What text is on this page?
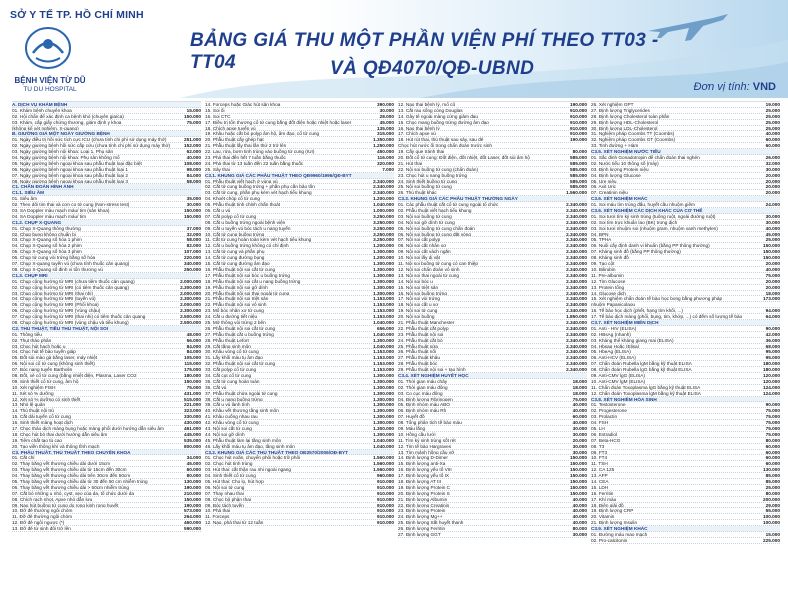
SỞ Y TẾ TP. HỒ CHÍ MINH
BỆNH VIỆN TỪ DŨ
TU DU HOSPITAL
BẢNG GIÁ THU MỘT PHẦN VIỆN PHÍ THEO TT03 - TT04	VÀ QĐ4070/QĐ-UBND
Đơn vị tính: VND
A. DỊCH VỤ KHÁM BỆNH
01. Khám bệnh chuyên khoa	15.000
02. Hội chẩn để xác định ca bệnh khó (chuyên gia/ca)	150.000
03. Khám, cấp giấy chứng thương, giám định y khoa	75.000
(không kể xét nghiệm, X-quang)
B. GIƯỜNG GIÁ MỘT NGÀY GIƯỜNG BỆNH
01. Ngày điều trị hồi sức tích cực ICU (chưa tính chi phí sử dụng máy thở)	251.000
02. Ngày giường bệnh hồi sức cấp cứu (chưa tính chi phí sử dụng máy thở)	152.000
03. Ngày giường bệnh nội khoa: Loại 1, Phụ sản	62.000
04. Ngày giường bệnh nội khoa: Phụ sản không mổ	40.000
05. Ngày giường bệnh ngoại khoa sau phẫu thuật loại đặc biệt	108.000
06. Ngày giường bệnh ngoại khoa sau phẫu thuật loại 1	98.000
07. Ngày giường bệnh ngoại khoa sau phẫu thuật loại 2	84.000
08. Ngày giường bệnh ngoại khoa sau phẫu thuật loại 3	58.000
C1. CHẨN ĐOÁN HÌNH ẢNH
C1.1. SIÊU ÂM
01. Siêu âm	35.000
02. Theo dõi tim thai và cơn co tử cung (Non-stress test)	30.000
03. SA Doppler màu mạch máu/ tim (sản khoa)	150.000
04. SA Doppler màu mạch máu/ tim	150.000
C1.2. CHỤP X-QUANG
01. Chụp X-Quang thông thường	37.000
02. Chụp bụng không chuẩn bị	32.000
03. Chụp X-Quang số hóa 1 phim	58.000
04. Chụp X-Quang số hóa 2 phim	82.000
05. Chụp X-Quang số hóa 3 phim	107.000
06. Chụp tử cung vòi trứng bằng số hóa	220.000
07. Chụp X-quang tuyến vú (chưa tính thuốc cản quang)	340.000
08. Chụp X-Quang số đinh vi tổn thương vú	250.000
C1.3. CHỤP MRI
01. Chụp cộng hưởng từ MRI (chưa tiêm thuốc cản quang)	2.000.000
02. Chụp cộng hưởng từ MRI (có tiêm thuốc cản quang)	2.300.000
03. Chụp cộng hưởng từ MRI (thai nhi)	2.000.000
04. Chụp cộng hưởng từ MRI (tuyến vú)	2.300.000
05. Chụp cộng hưởng từ MRI (Phổi khoa)	2.000.000
06. Chụp cộng hưởng từ MRI (Vùng chậu)	2.300.000
07. Chụp cộng hưởng từ MRI (thai nhi) có tiêm thuốc cản quang	2.500.000
08. Chụp cộng hưởng từ MRI (vùng chậu và tiểu khung)	2.500.000
C2. THỦ THUẬT, TIỂU THỦ THUẬT, NỘI SOI
01. Thông tiểu	48.000
02. Thụt tháo phân	56.000
03. Chọc hút hạch hoặc u	84.000
04. Chọc hút tế bào tuyến giáp	84.000
05. Đốt sùi mào gà bằng laser, máy nhiệt	105.000
06. Nội soi cổ tử cung (không sinh thiết)	115.000
07. Bóc nang tuyến Bartholin	175.000
08. Đốt, xẻ cổ tử cung (bằng nhiệt điện, Plasma, Laser CO2	180.000
09. Sinh thiết cổ tử cung, âm hộ	150.000
10. Xét nghiệm FISH	75.000
11. Xét sỏ % dưỡng	431.000
12. Xét sỏ % dưỡng có sinh thiết	515.000
13. Nhỏ lệ quản	221.000
14. Thủ thuật nội trú	323.000
15. Cắt dải tuyến cổ tử cung	330.000
16. Sinh thiết màng hoạt dịch	430.000
17. Chọc tháo dịch màng bụng hoặc màng phổi dưới hướng dẫn siêu âm	461.000
18. Chọc hút bỏ thai dưới hướng dẫn siêu âm	445.000
19. Tiêm chất tạo tủ cao	535.000
20. Tạo viền thông khí và thông tĩnh mạch	800.000
C3. PHẪU THUẬT, THỦ THUẬT THEO CHUYÊN KHOA
01. Cắt chỉ	34.000
02. Thay băng vết thương chiều dài dưới 15cm	45.000
03. Thay băng vết thương chiều dài từ 15cm đến 30cm	60.000
04. Thay băng vết thương chiều dài trên 30cm đến 50cm	80.000
05. Thay băng vết thương chiều dài từ 30 đến 50 cm nhiễm trùng	130.000
06. Thay băng vết thương chiều dài > 50cm nhiễm trùng	190.000
07. Cắt bỏ những u nhỏ, cyst, sẹo của da, tổ chức dưới da	210.000
08. Chích rạch nhọt, Apxe nhỏ dẫn lưu	150.000
09. Nạo hút buồng tử cung do rong kinh rong huyết	190.000
10. Đỡ đẻ thường ngôi chỏm	573.000
11. Đỡ đẻ thường ngôi chỏm	264.000
12. Đỡ đẻ ngôi ngược (*)	460.000
13. Đỡ đẻ từ sinh đôi trở lên	590.000
14. Forceps hoặc Giác hút sản khoa	390.000
15. Soi ối	30.000
16. Soi CTC	28.000
17. Điều trị tổn thương cổ tử cung bằng đốt điện hoặc nhiệt hoặc laser	45.000
18. Chích apxe tuyến vú	135.000
19. Khâu hoặc cắt bỏ polyp âm hộ, âm đạo, cổ tử cung	315.000
20. Phẫu thuật cấy ghép hạt	1.350.000
21. Phẫu thuật lấy thai lần thứ 2 trở lên	1.250.000
22. Lau, rửa, bơm tinh trùng vào buồng tử cung (IUI)	450.000
23. Phá thai đến hết 7 tuần bằng thuốc	116.000
24. Phá thai từ 13 tuần đến 22 tuần bằng thuốc	320.000
25. Sảy thai	7.000
C3.1. KHUNG GIÁ CÁC PHẪU THUẬT THEO QĐ9960/1996/QĐ-BYT
01. Phẫu thuật viết hạch ở vùng vú	2.340.000
02. Cắt tử cung buồng trứng + phần phụ cần bảo tồn	2.340.000
03. Cắt tử cung, phần phụ kèm vét hạch tiểu khung	2.340.000
04. Khoét chóp cổ tử cung	1.200.000
05. Phẫu thuật tinh chỉnh chấn thoát	1.040.000
06. Cắt u vú	1.000.000
07. Cắt polyp cổ tử cung	3.250.000
08. Cắt u buồng trứng ngoài bệnh viện	3.250.000
09. Cắt u tuyến vú bóc tách u nang tuyến	3.250.000
10. Cắt tử cung buồng trứng	3.250.000
11. Cắt tử cung hoàn toàn kèm vét hạch tiểu khung	3.250.000
12. Cắt u buồng trứng không có chỉ định	1.200.000
13. Cắt tử cung và phần phụ	1.300.000
14. Cắt tử cung đường bụng	1.200.000
15. Cắt tử cung đường âm đạo	1.300.000
16. Phẫu thuật nội soi cắt tử cung	1.300.000
17. Phẫu thuật nội soi bóc u buồng trứng	1.300.000
18. Phẫu thuật nội soi cắt u nang buồng trứng	1.300.000
19. Phẫu thuật nội soi gỡ dính	1.300.000
20. Phẫu thuật nội soi thai ngoài tử cung	1.300.000
21. Phẫu thuật nội soi triệt sản	1.153.000
22. Phẫu thuật nội soi vô sinh	1.153.000
23. Mổ bóc nhân xơ tử cung	1.153.000
24. Cắt u đường tiết niệu	1.153.000
25. Mở thông vòi trứng 2 bên	1.040.000
26. Phẫu thuật nội soi cắt tử cung	656.000
27. Phẫu thuật cắt u buồng trứng	1.040.000
28. Phẫu thuật Lefort	1.300.000
29. Cắt tầng sinh môn	1.040.000
30. Khâu vòng cổ tử cung	1.153.000
31. Lấy khối máu tụ âm đạo	1.153.000
32. Phẫu thuật nội soi cắt tử cung	1.153.000
33. Cắt polyp cổ tử cung	1.153.000
34. Cắt cụt cổ tử cung	1.300.000
35. Cắt tử cung hoàn toàn	1.300.000
36. Cắt vú	1.300.000
37. Phẫu thuật chửa ngoài tử cung	1.300.000
38. Cắt u nang buồng trứng	1.300.000
39. Cắt u vú lành tính	1.300.000
40. Khâu vết thương tầng sinh môn	1.300.000
41. Khâu cuống nhau rau	1.300.000
42. Khâu vòng cổ tử cung	1.300.000
43. Nội soi cắt tử cung	1.300.000
44. Nội soi gỡ dính	1.300.000
45. Phẫu thuật làm lại tầng sinh môn	1.040.000
46. Lấy khối máu tụ âm đạo, tầng sinh môn	1.040.000
C3.2. KHUNG GIÁ CÁC THỦ THUẬT THEO QĐ2570/2006/QĐ-BYT
01. Chọc hút noãn, chuyển phôi hoặc trữ phôi	1.560.000
02. Chọc hút tinh trùng	1.560.000
03. Hút thai: cắt thận rau nhi ngoài ngang	1.560.000
04. Sinh thiết cổ tử cung	960.000
05. Hút thai: Cho lọ, hút hợp	910.000
06. Nội soi tử cung	910.000
07. Thay nhau thai	910.000
08. Chọc bộ phận thai	910.000
09. Bóc tách tuyến	910.000
10. Phá thai	910.000
11. Forceps	910.000
12. Nạo, phá thai từ 12 tuần	910.000
12. Nạo thai bệnh lý, mổ cũ	190.000
13. Cắt rau sống còng Douglas	910.000
14. Gây tê ngoài màng cứng giảm đau	910.000
15. Chọc mang buồng trứng đường âm đạo	910.000
16. Nạo thai bệnh lý	910.000
17. Chích apxe vú	910.000
18. Hút rút thai, thủ thuật sau sảy, sau đẻ	190.000
Chọc hút nước ối trong chẩn đoán trước sinh
19. Cấy que tránh thai	80.000
20. Đốt cổ tử cung: Đốt điện, đốt nhiệt, đốt Laser, đốt sùi âm hộ	585.000
21. Hút thai	585.000
22. Nội soi buồng tử cung (chẩn đoán)	585.000
23. Chọc hút u nang buồng trứng	585.000
24. Sinh thiết buồng tử cung	585.000
25. Nội soi buồng tử cung	585.000
26. Thủ thuật khác	1.560.000
C3.3. KHUNG GIÁ CÁC PHẪU THUẬT THƯỜNG NGÀY
01. Các phẫu thuật cắt cổ tử cung ngoài tổ chức	2.340.000
02. Phẫu thuật viết hạch tiểu khung	2.340.000
03. Nội soi buồng tử cung	2.340.000
04. Nội soi gỡ dính tử cung	2.340.000
05. Nội soi buồng tử cung chẩn đoán	2.340.000
06. Nội soi buồng tử cung đặt vòng	2.340.000
07. Nội soi cắt polyp	2.340.000
08. Nội soi cắt nhân xơ	2.340.000
09. Nội soi cắt vách ngăn	2.340.000
10. Nội soi lấy dị vật	2.340.000
11. Nội soi buồng tử cung có can thiệp	2.340.000
12. Nội soi chẩn đoán vô sinh	2.340.000
13. Nội soi thai ngoài tử cung	2.340.000
14. Nội soi bóc u	2.340.000
15. Nội soi triệt sản	2.340.000
16. Nội soi buồng trứng	2.340.000
17. Nội soi vòi trứng	2.340.000
18. Nội soi cắt u xơ	2.340.000
19. Nội soi tử cung	2.340.000
20. Nội soi buồng	1.850.000
21. Phẫu thuật Manchester	2.340.000
22. Phẫu thuật cắt polyp	2.340.000
23. Phẫu thuật nội soi	2.340.000
24. Phẫu thuật cắt bỏ	2.340.000
25. Phẫu thuật sửa	2.340.000
26. Phẫu thuật nối	2.340.000
27. Phẫu thuật khâu	2.340.000
28. Phẫu thuật bóc	2.340.000
29. Phẫu thuật nội soi + tạo hình	2.340.000
C3.4. XÉT NGHIỆM HUYẾT HỌC
01. Thời gian máu chảy	18.000
02. Thời gian máu đông	18.000
03. Co cục máu đông	18.000
04. Định lượng Fibrinogen	75.000
05. Định nhóm máu ABO	40.000
06. Định nhóm máu Rh	40.000
07. Huyết đồ	60.000
08. Tổng phân tích tế bào máu	40.000
09. Máu lắng	30.000
10. Hồng cầu lưới	30.000
11. Tìm ký sinh trùng sốt rét	20.000
12. Tìm tế bào Hargraves	30.000
13. Tìm mảnh hồng cầu vỡ	30.000
14. Định lượng D-Dimer	150.000
15. Định lượng anti-Xa	150.000
16. Định lượng yếu tố VIII	150.000
17. Định lượng yếu tố IX	150.000
18. Định lượng AT III	150.000
19. Định lượng Protein C	150.000
20. Định lượng Protein S	150.000
21. Định lượng Albumin	40.000
22. Định lượng Creatinin	40.000
23. Định lượng Protein	40.000
24. Định lượng Mg++	40.000
25. Định lượng Sắt huyết thanh	40.000
26. Định lượng Ferritin	80.000
27. Định lượng GGT	30.000
26. Xét nghiệm GPT	19.000
27. Định lượng Triglycerides	25.000
28. Định lượng Cholesterol toàn phần	25.000
29. Định lượng HDL-Cholesterol	25.000
30. Định lượng LDL-Cholesterol	25.000
31. Nghiệm pháp Coombs TT (Coombs)	40.000
32. Nghiệm pháp Coombs GT (Coombs)	60.000
33. Tinh đường + Hàm	60.000
C3.5. XÉT NGHIỆM NƯỚC TIỂU
01. Sắc đinh Gonadotropin để chẩn đoán thai nghén	26.000
02. Nước tiểu 10 thông số (máy)	32.000
03. Định lượng Protein niệu	30.000
04. Định lượng Glucose	20.000
05. Ure niệu	20.000
06. Axit Uric	20.000
07. Creatinin niệu	20.000
C3.6. XÉT NGHIỆM KHÁC
01. Soi máu tìm trùng đấu, huyết cầu nhuộm giêm	24.000
C3.6. XÉT NGHIỆM CÁC DỊCH KHÁC CỦA CƠ THỂ
01. Soi tươi tìm ký sinh trùng (tuông ruột, ngoài đường ruột)	30.000
02. Soi tìm trực khuẩn lao (BK) trong dịch	30.000
03. Soi tươi nhuộm soi (nhuộm gram, nhuộm xanh methylen)	40.000
04. BPN	45.000
05. TPHA	25.000
06. Nuôi cấy định danh vi khuẩn (bằng PP thông thường)	150.000
07. Kháng sinh đồ (bằng PP thông thường)	150.000
08. Kháng sinh đồ	150.000
09. Tạo cột	20.000
10. Bilirubin	40.000
11. Pre-albumin	75.000
12. Tìm Glucose	20.000
13. Protein tổng	20.000
14. Glucose dịch	18.000
15. Xét nghiệm chẩn đoán tế bào học bong bằng phương pháp	173.000
nhuộm Papanicolaou
16. Tế bào học dịch (phết, hạng tìm khối, ...)	94.000
17. Tế bào dịch màng (phổi, bụng, tim, khớp, ...) có đếm số lượng tế bào	64.000
C3.7. XÉT NGHIỆM MIỄN DỊCH
01. Anti - HIV (ELISA)	90.000
02. HBsAg (nhanh)	42.000
03. Kháng thể kháng giang mai (ELISA)	36.000
04. Hbsag Hoặc (Elisa)	68.000
05. HbeAg (ELISA)	95.000
06. Anti-HCV (ELISA)	95.000
07. Chẩn đoán Rubella lgM bằng kỹ thuật ELISA	180.000
08. Chẩn đoán Rubella lgG bằng kỹ thuật ELISA	180.000
09. Anti-CMV lgG (ELISA)	120.000
10. Anti-CMV lgM (ELISA)	120.000
11. Chẩn đoán Toxoplasma lgG bằng kỹ thuật ELISA	124.000
12. Chẩn đoán Toxoplasma lgM bằng kỹ thuật ELISA	124.000
C3.8. XÉT NGHIỆM HÓA SINH
01. Testosterone	90.000
02. Progesterone	75.000
03. Prolactin	75.000
04. FSH	75.000
05. LH	75.000
06. Estradiol	75.000
07. Beta-HCG	80.000
08. T3	60.000
09. FT3	60.000
10. FT4	60.000
11. TSH	60.000
12. CA 125	130.000
13. AFP	85.000
14. CEA	85.000
15. LDH	25.000
16. Ferritin	80.000
17. Khí máu	200.000
18. Điện giải đồ	29.000
19. Định lượng CRP	55.000
20. Vitamin	100.000
21. Định lượng Insulin	100.000
C3.9. XÉT NGHIỆM KHÁC
01. Đường máu mao mạch	15.000
02. Pro-calcitonin	225.000
